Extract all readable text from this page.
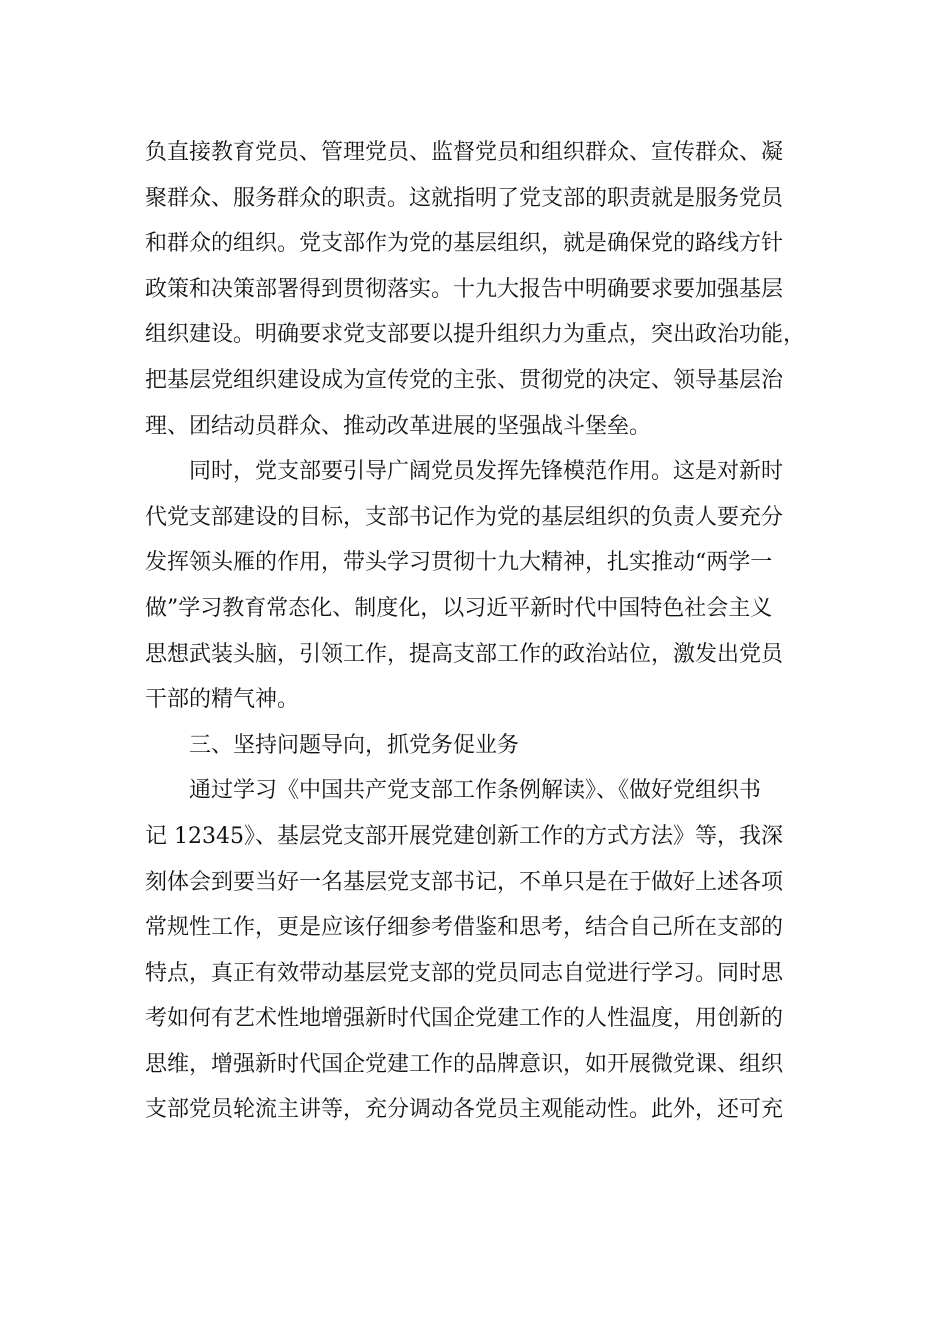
负直接教育党员、管理党员、监督党员和组织群众、宣传群众、凝
聚群众、服务群众的职责。这就指明了党支部的职责就是服务党员
和群众的组织。党支部作为党的基层组织，就是确保党的路线方针
政策和决策部署得到贯彻落实。十九大报告中明确要求要加强基层
组织建设。明确要求党支部要以提升组织力为重点，突出政治功能，
把基层党组织建设成为宣传党的主张、贯彻党的决定、领导基层治
理、团结动员群众、推动改革进展的坚强战斗堡垒。
同时，党支部要引导广阔党员发挥先锋模范作用。这是对新时
代党支部建设的目标，支部书记作为党的基层组织的负责人要充分
发挥领头雁的作用，带头学习贯彻十九大精神，扎实推动“两学一
做”学习教育常态化、制度化，以习近平新时代中国特色社会主义
思想武装头脑，引领工作，提高支部工作的政治站位，激发出党员
干部的精气神。
三、坚持问题导向，抓党务促业务
通过学习《中国共产党支部工作条例解读》、《做好党组织书
记 12345》、基层党支部开展党建创新工作的方式方法》等，我深
刻体会到要当好一名基层党支部书记，不单只是在于做好上述各项
常规性工作，更是应该仔细参考借鉴和思考，结合自己所在支部的
特点，真正有效带动基层党支部的党员同志自觉进行学习。同时思
考如何有艺术性地增强新时代国企党建工作的人性温度，用创新的
思维，增强新时代国企党建工作的品牌意识，如开展微党课、组织
支部党员轮流主讲等，充分调动各党员主观能动性。此外，还可充
